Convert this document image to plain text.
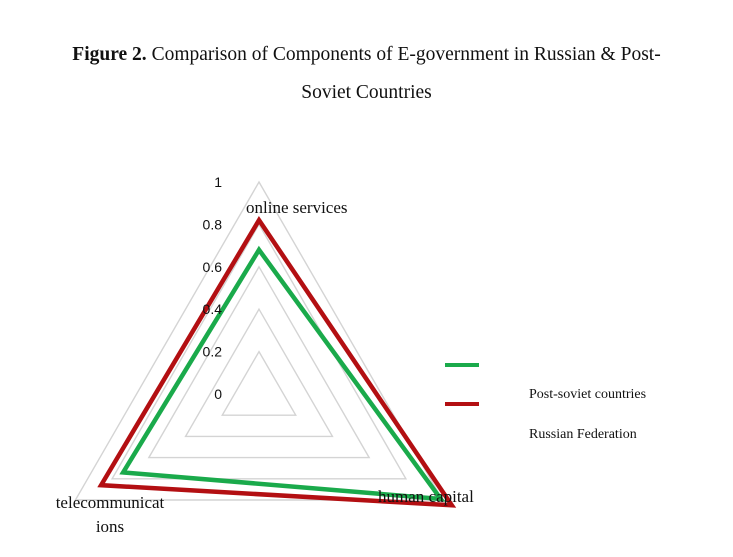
Figure 2. Comparison of Components of E-government in Russian & Post-
Soviet Countries
0
0.2
0.4
0.6
0.8
1
online services
human capital
telecommunicat ions
Post-soviet countries
Russian Federation
